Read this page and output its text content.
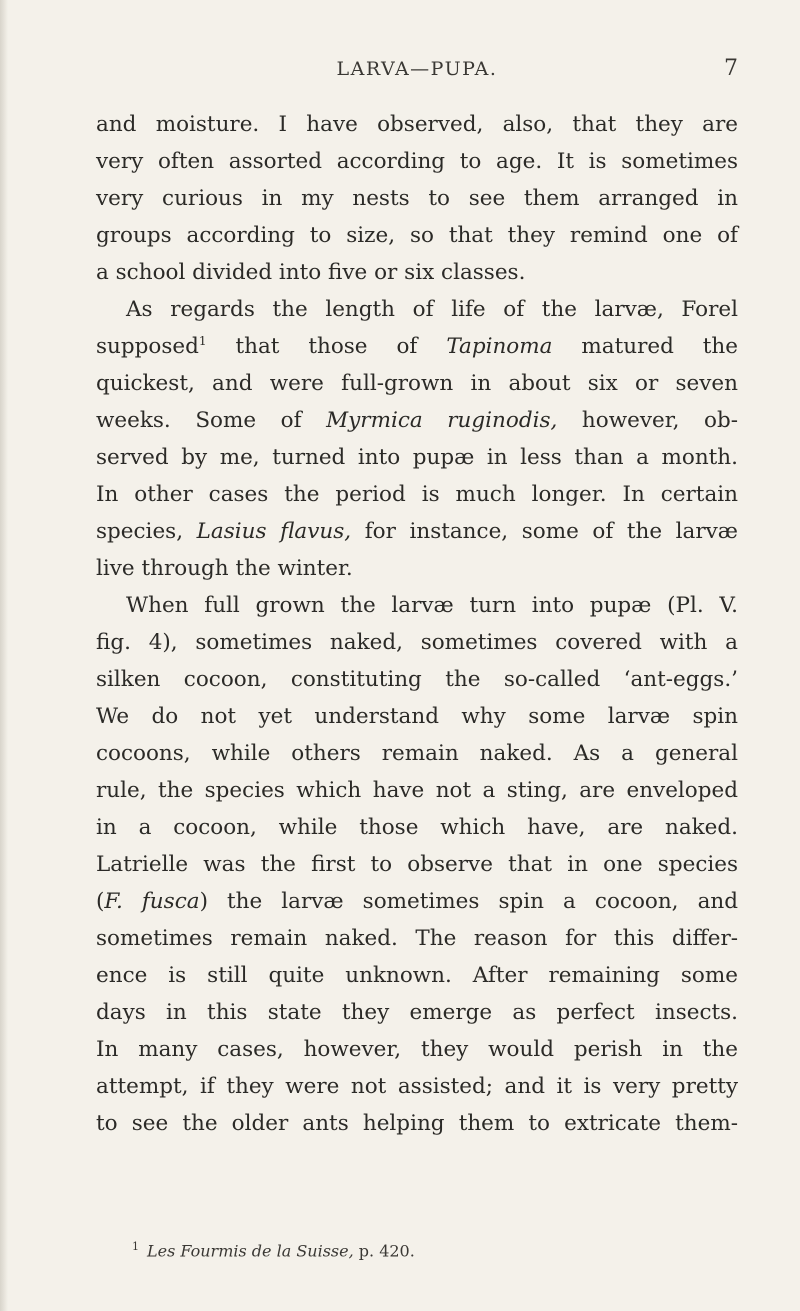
LARVA—PUPA.	7
and moisture. I have observed, also, that they are
very often assorted according to age. It is sometimes
very curious in my nests to see them arranged in
groups according to size, so that they remind one of
a school divided into five or six classes.
As regards the length of life of the larvæ, Forel
supposed$^1$ that those of Tapinoma matured the
quickest, and were full-grown in about six or seven
weeks. Some of Myrmica ruginodis, however, ob-
served by me, turned into pupæ in less than a month.
In other cases the period is much longer. In certain
species, Lasius flavus, for instance, some of the larvæ
live through the winter.
When full grown the larvæ turn into pupæ (Pl. V.
fig. 4), sometimes naked, sometimes covered with a
silken cocoon, constituting the so-called ‘ant-eggs.’
We do not yet understand why some larvæ spin
cocoons, while others remain naked. As a general
rule, the species which have not a sting, are enveloped
in a cocoon, while those which have, are naked.
Latrielle was the first to observe that in one species
(F. fusca) the larvæ sometimes spin a cocoon, and
sometimes remain naked. The reason for this differ-
ence is still quite unknown. After remaining some
days in this state they emerge as perfect insects.
In many cases, however, they would perish in the
attempt, if they were not assisted; and it is very pretty
to see the older ants helping them to extricate them-
$^1$ Les Fourmis de la Suisse, p. 420.
